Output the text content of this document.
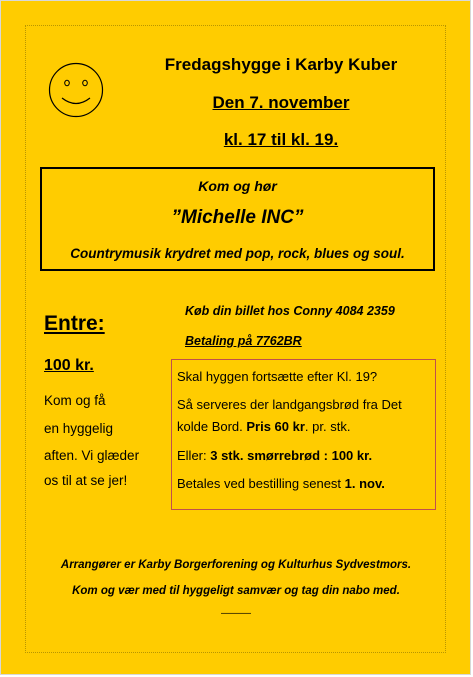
Fredagshygge i Karby Kuber
Den 7. november
kl. 17 til kl. 19.
Kom og hør
”Michelle INC”
Countrymusik krydret med pop, rock, blues og soul.
Entre:
100 kr.
Kom og få
en hyggelig
aften. Vi glæder
os til at se jer!
Køb din billet hos Conny 4084 2359
Betaling på 7762BR
Skal hyggen fortsætte efter Kl. 19?
Så serveres der landgangsbrød fra Det
kolde Bord. Pris 60 kr. pr. stk.
Eller: 3 stk. smørrebrød : 100 kr.
Betales ved bestilling senest 1. nov.
Arrangører er Karby Borgerforening og Kulturhus Sydvestmors.
Kom og vær med til hyggeligt samvær og tag din nabo med.
———
